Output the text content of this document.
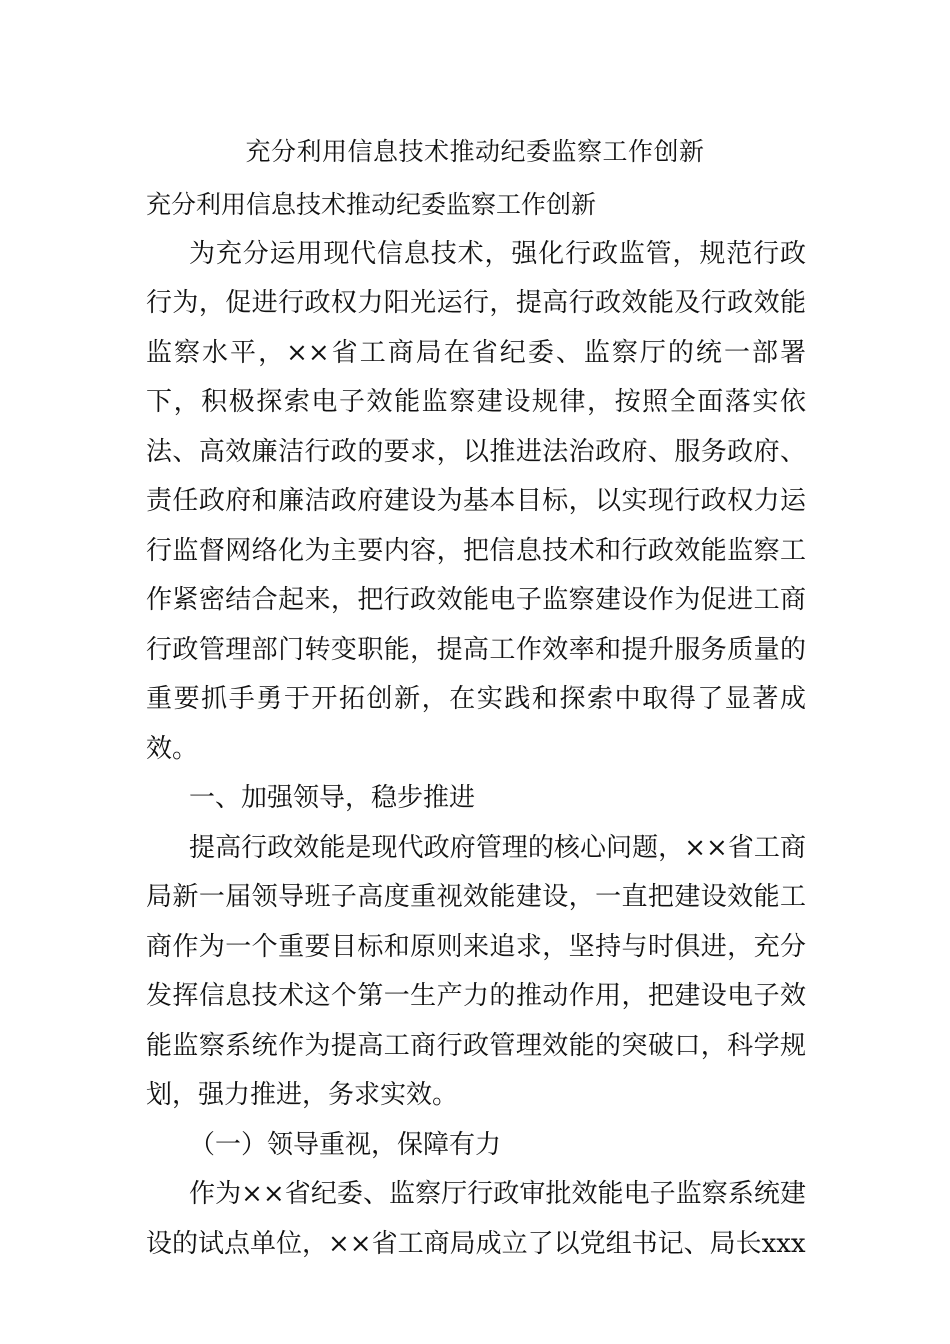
充分利用信息技术推动纪委监察工作创新

充分利用信息技术推动纪委监察工作创新

为充分运用现代信息技术，强化行政监管，规范行政行为，促进行政权力阳光运行，提高行政效能及行政效能监察水平，××省工商局在省纪委、监察厅的统一部署下，积极探索电子效能监察建设规律，按照全面落实依法、高效廉洁行政的要求，以推进法治政府、服务政府、责任政府和廉洁政府建设为基本目标，以实现行政权力运行监督网络化为主要内容，把信息技术和行政效能监察工作紧密结合起来，把行政效能电子监察建设作为促进工商行政管理部门转变职能，提高工作效率和提升服务质量的重要抓手勇于开拓创新，在实践和探索中取得了显著成效。

一、加强领导，稳步推进

提高行政效能是现代政府管理的核心问题，××省工商局新一届领导班子高度重视效能建设，一直把建设效能工商作为一个重要目标和原则来追求，坚持与时俱进，充分发挥信息技术这个第一生产力的推动作用，把建设电子效能监察系统作为提高工商行政管理效能的突破口，科学规划，强力推进，务求实效。

（一）领导重视，保障有力

作为××省纪委、监察厅行政审批效能电子监察系统建设的试点单位，××省工商局成立了以党组书记、局长xxx
